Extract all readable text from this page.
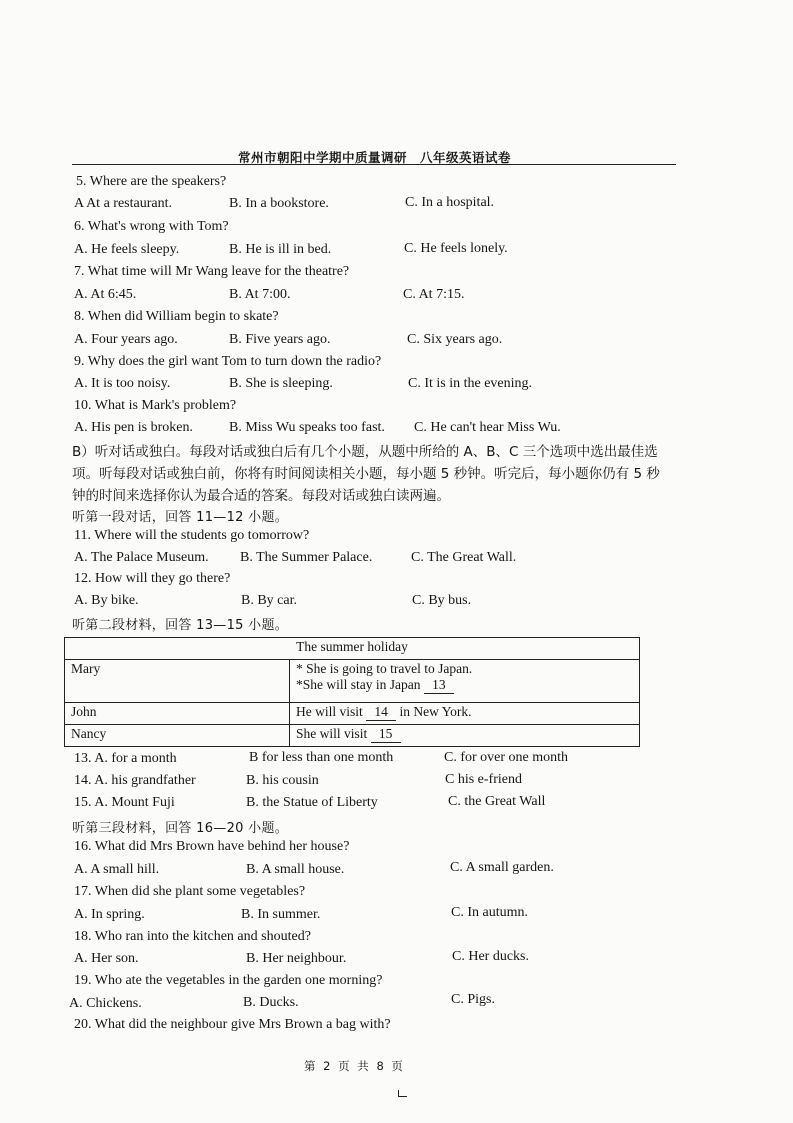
常州市朝阳中学期中质量调研　八年级英语试卷
5. Where are the speakers?
A At a restaurant.	B. In a bookstore.	C. In a hospital.
6. What's wrong with Tom?
A. He feels sleepy.	B. He is ill in bed.	C. He feels lonely.
7. What time will Mr Wang leave for the theatre?
A. At 6:45.	B. At 7:00.	C. At 7:15.
8. When did William begin to skate?
A. Four years ago.	B. Five years ago.	C. Six years ago.
9. Why does the girl want Tom to turn down the radio?
A. It is too noisy.	B. She is sleeping.	C. It is in the evening.
10. What is Mark's problem?
A. His pen is broken.	B. Miss Wu speaks too fast. C. He can't hear Miss Wu.
B）听对话或独白。每段对话或独白后有几个小题，从题中所给的 A、B、C 三个选项中选出最佳选项。听每段对话或独白前，你将有时间阅读相关小题，每小题 5 秒钟。听完后，每小题你仍有 5 秒钟的时间来选择你认为最合适的答案。每段对话或独白读两遍。
听第一段对话，回答 11—12 小题。
11. Where will the students go tomorrow?
A. The Palace Museum. B. The Summer Palace.	C. The Great Wall.
12. How will they go there?
A. By bike.	B. By car.	C. By bus.
听第二段材料，回答 13—15 小题。
The summer holiday	
Mary	* She is going to travel to Japan.
*She will stay in Japan 13

John	He will visit 14 in New York.
Nancy	She will visit 15
13. A. for a month	B for less than one month	C. for over one month
14. A. his grandfather	B. his cousin	C his e-friend
15. A. Mount Fuji	B. the Statue of Liberty	C. the Great Wall
听第三段材料，回答 16—20 小题。
16. What did Mrs Brown have behind her house?
A. A small hill.	B. A small house.	C. A small garden.
17. When did she plant some vegetables?
A. In spring.	B. In summer.	C. In autumn.
18. Who ran into the kitchen and shouted?
A. Her son.	B. Her neighbour.	C. Her ducks.
19. Who ate the vegetables in the garden one morning?
A. Chickens.	B. Ducks.	C. Pigs.
20. What did the neighbour give Mrs Brown a bag with?
第 2 页 共 8 页
